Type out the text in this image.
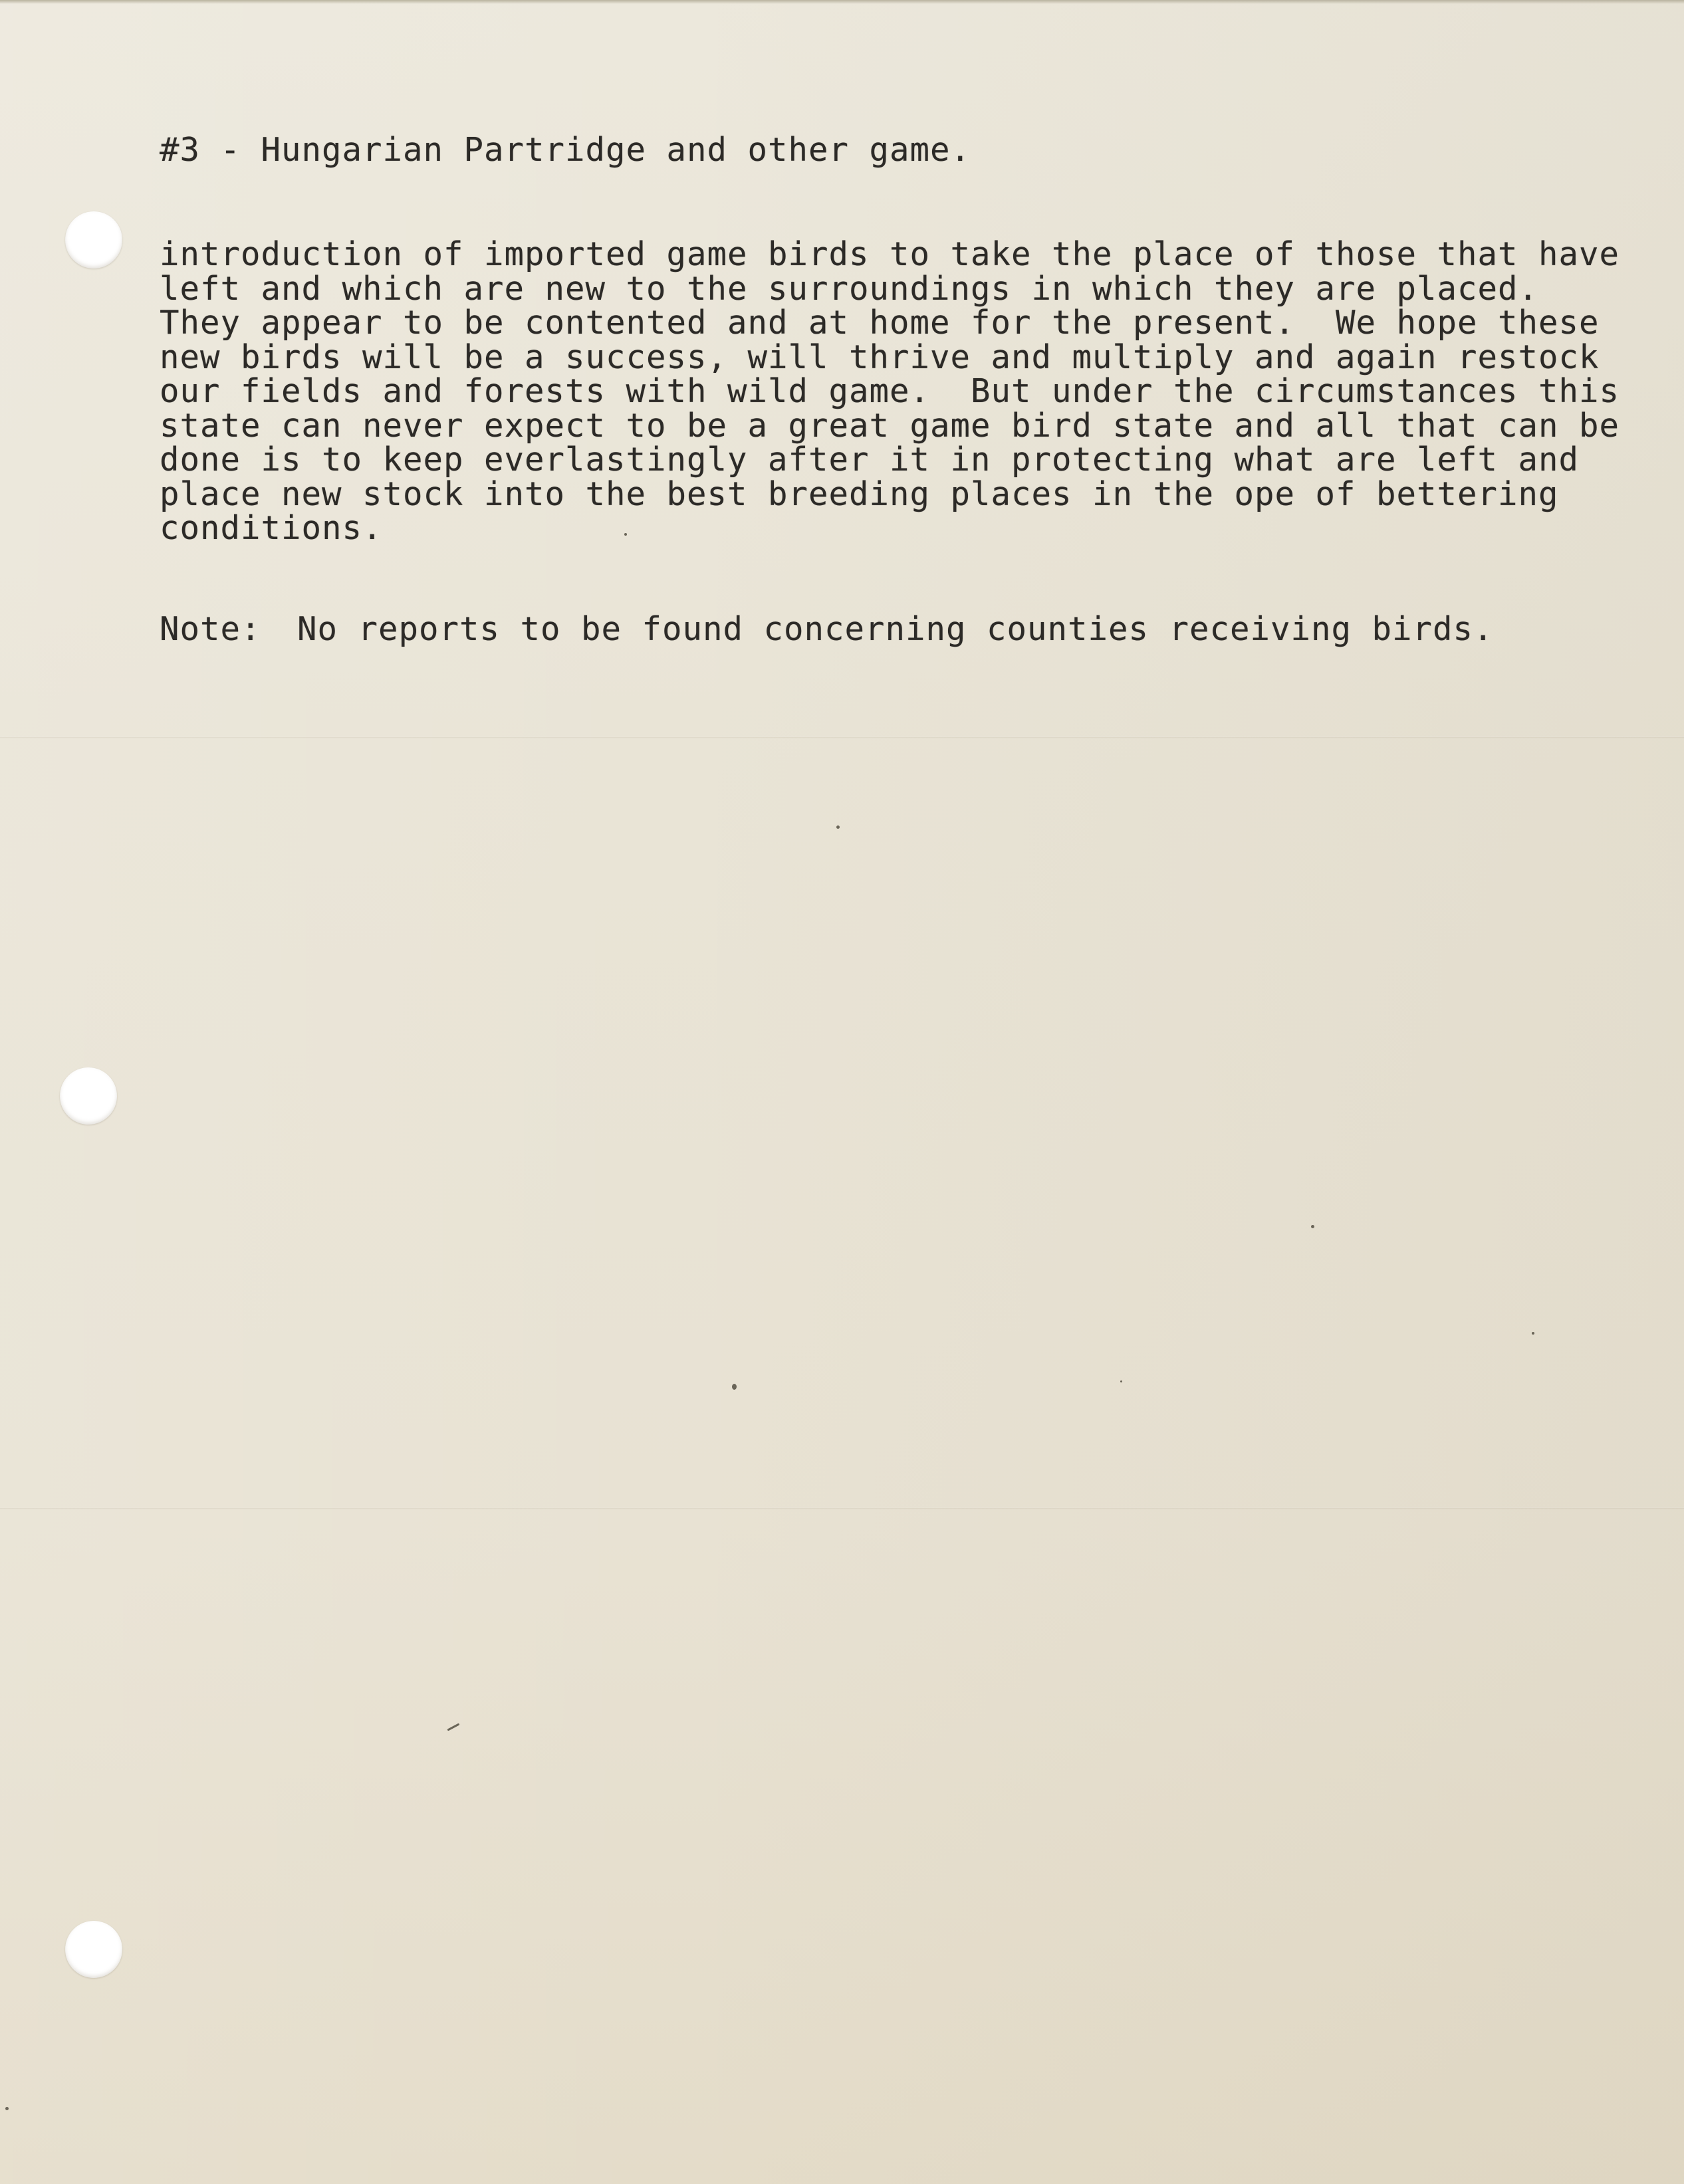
#3 - Hungarian Partridge and other game.

introduction of imported game birds to take the place of those that have
left and which are new to the surroundings in which they are placed.
They appear to be contented and at home for the present.  We hope these
new birds will be a success, will thrive and multiply and again restock
our fields and forests with wild game.  But under the circumstances this
state can never expect to be a great game bird state and all that can be
done is to keep everlastingly after it in protecting what are left and
place new stock into the best breeding places in the ope of bettering
conditions.
Note: No reports to be found concerning counties receiving birds.
